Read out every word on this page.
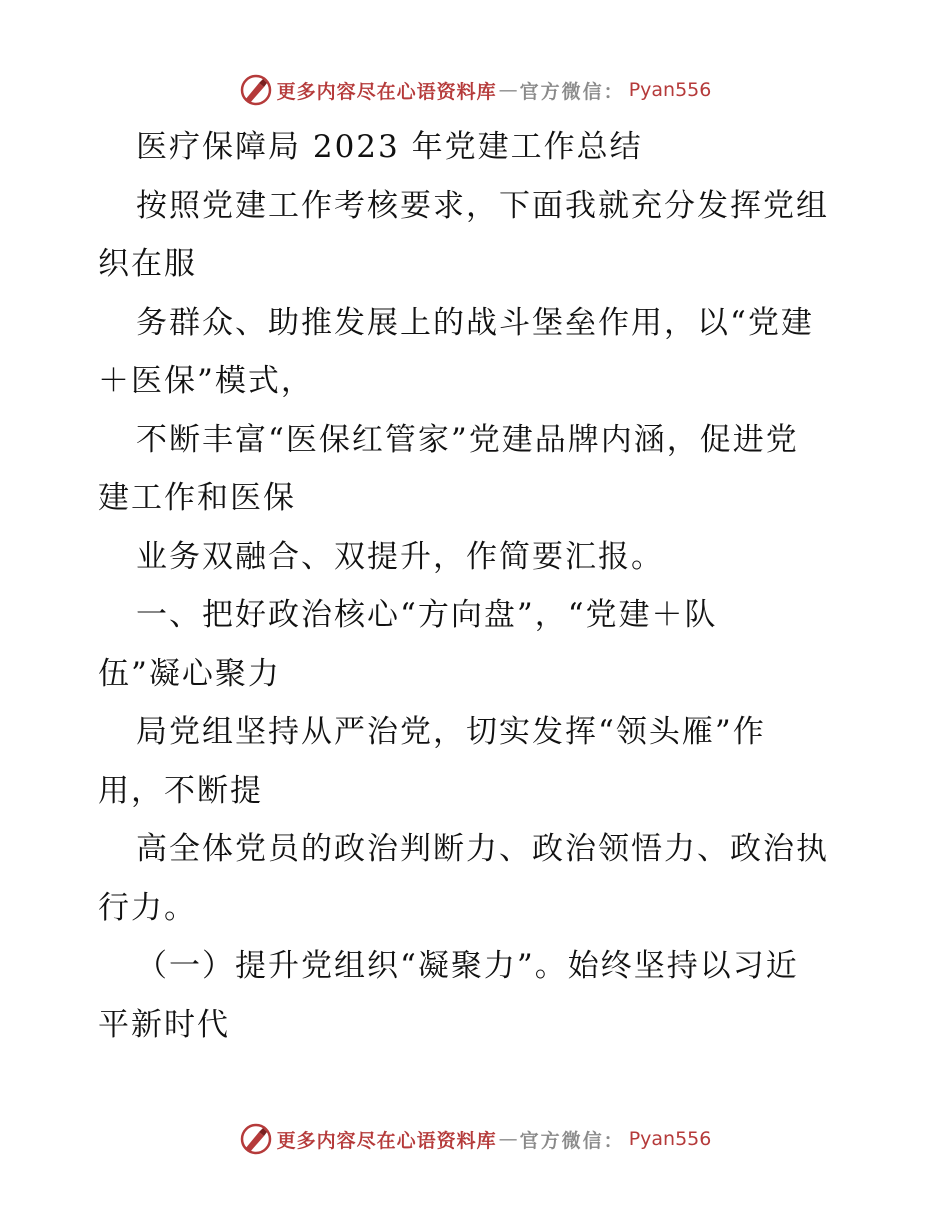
更多内容尽在心语资料库 — 官方微信： Pyan556

医疗保障局 2023 年党建工作总结

按照党建工作考核要求，下面我就充分发挥党组

织在服

务群众、助推发展上的战斗堡垒作用，以“党建

＋医保”模式，

不断丰富“医保红管家”党建品牌内涵，促进党

建工作和医保

业务双融合、双提升，作简要汇报。

一、把好政治核心“方向盘”，“党建＋队

伍”凝心聚力

局党组坚持从严治党，切实发挥“领头雁”作

用，不断提

高全体党员的政治判断力、政治领悟力、政治执

行力。

（一）提升党组织“凝聚力”。始终坚持以习近

平新时代

更多内容尽在心语资料库 — 官方微信： Pyan556
